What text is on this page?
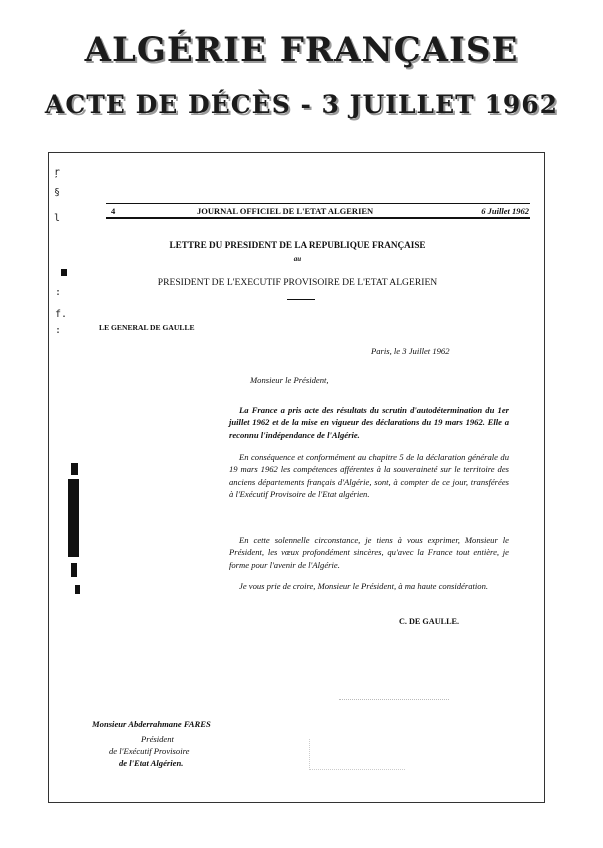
ALGÉRIE FRANÇAISE
ACTE DE DÉCÈS - 3 JUILLET 1962
ŗ
§
l
:
f.
:
4	JOURNAL OFFICIEL DE L'ETAT ALGERIEN	6 Juillet 1962
LETTRE DU PRESIDENT DE LA REPUBLIQUE FRANÇAISE
au
PRESIDENT DE L'EXECUTIF PROVISOIRE DE L'ETAT ALGERIEN
LE GENERAL DE GAULLE
Paris, le 3 Juillet 1962
Monsieur le Président,
La France a pris acte des résultats du scrutin d'autodétermination du 1er juillet 1962 et de la mise en vigueur des déclarations du 19 mars 1962. Elle a reconnu l'indépendance de l'Algérie.
En conséquence et conformément au chapitre 5 de la déclaration générale du 19 mars 1962 les compétences afférentes à la souveraineté sur le territoire des anciens départements français d'Algérie, sont, à compter de ce jour, transférées à l'Exécutif Provisoire de l'Etat algérien.
En cette solennelle circonstance, je tiens à vous exprimer, Monsieur le Président, les vœux profondément sincères, qu'avec la France tout entière, je forme pour l'avenir de l'Algérie.
Je vous prie de croire, Monsieur le Président, à ma haute considération.
C. DE GAULLE.
Monsieur Abderrahmane FARES
Président
de l'Exécutif Provisoire
de l'Etat Algérien.
